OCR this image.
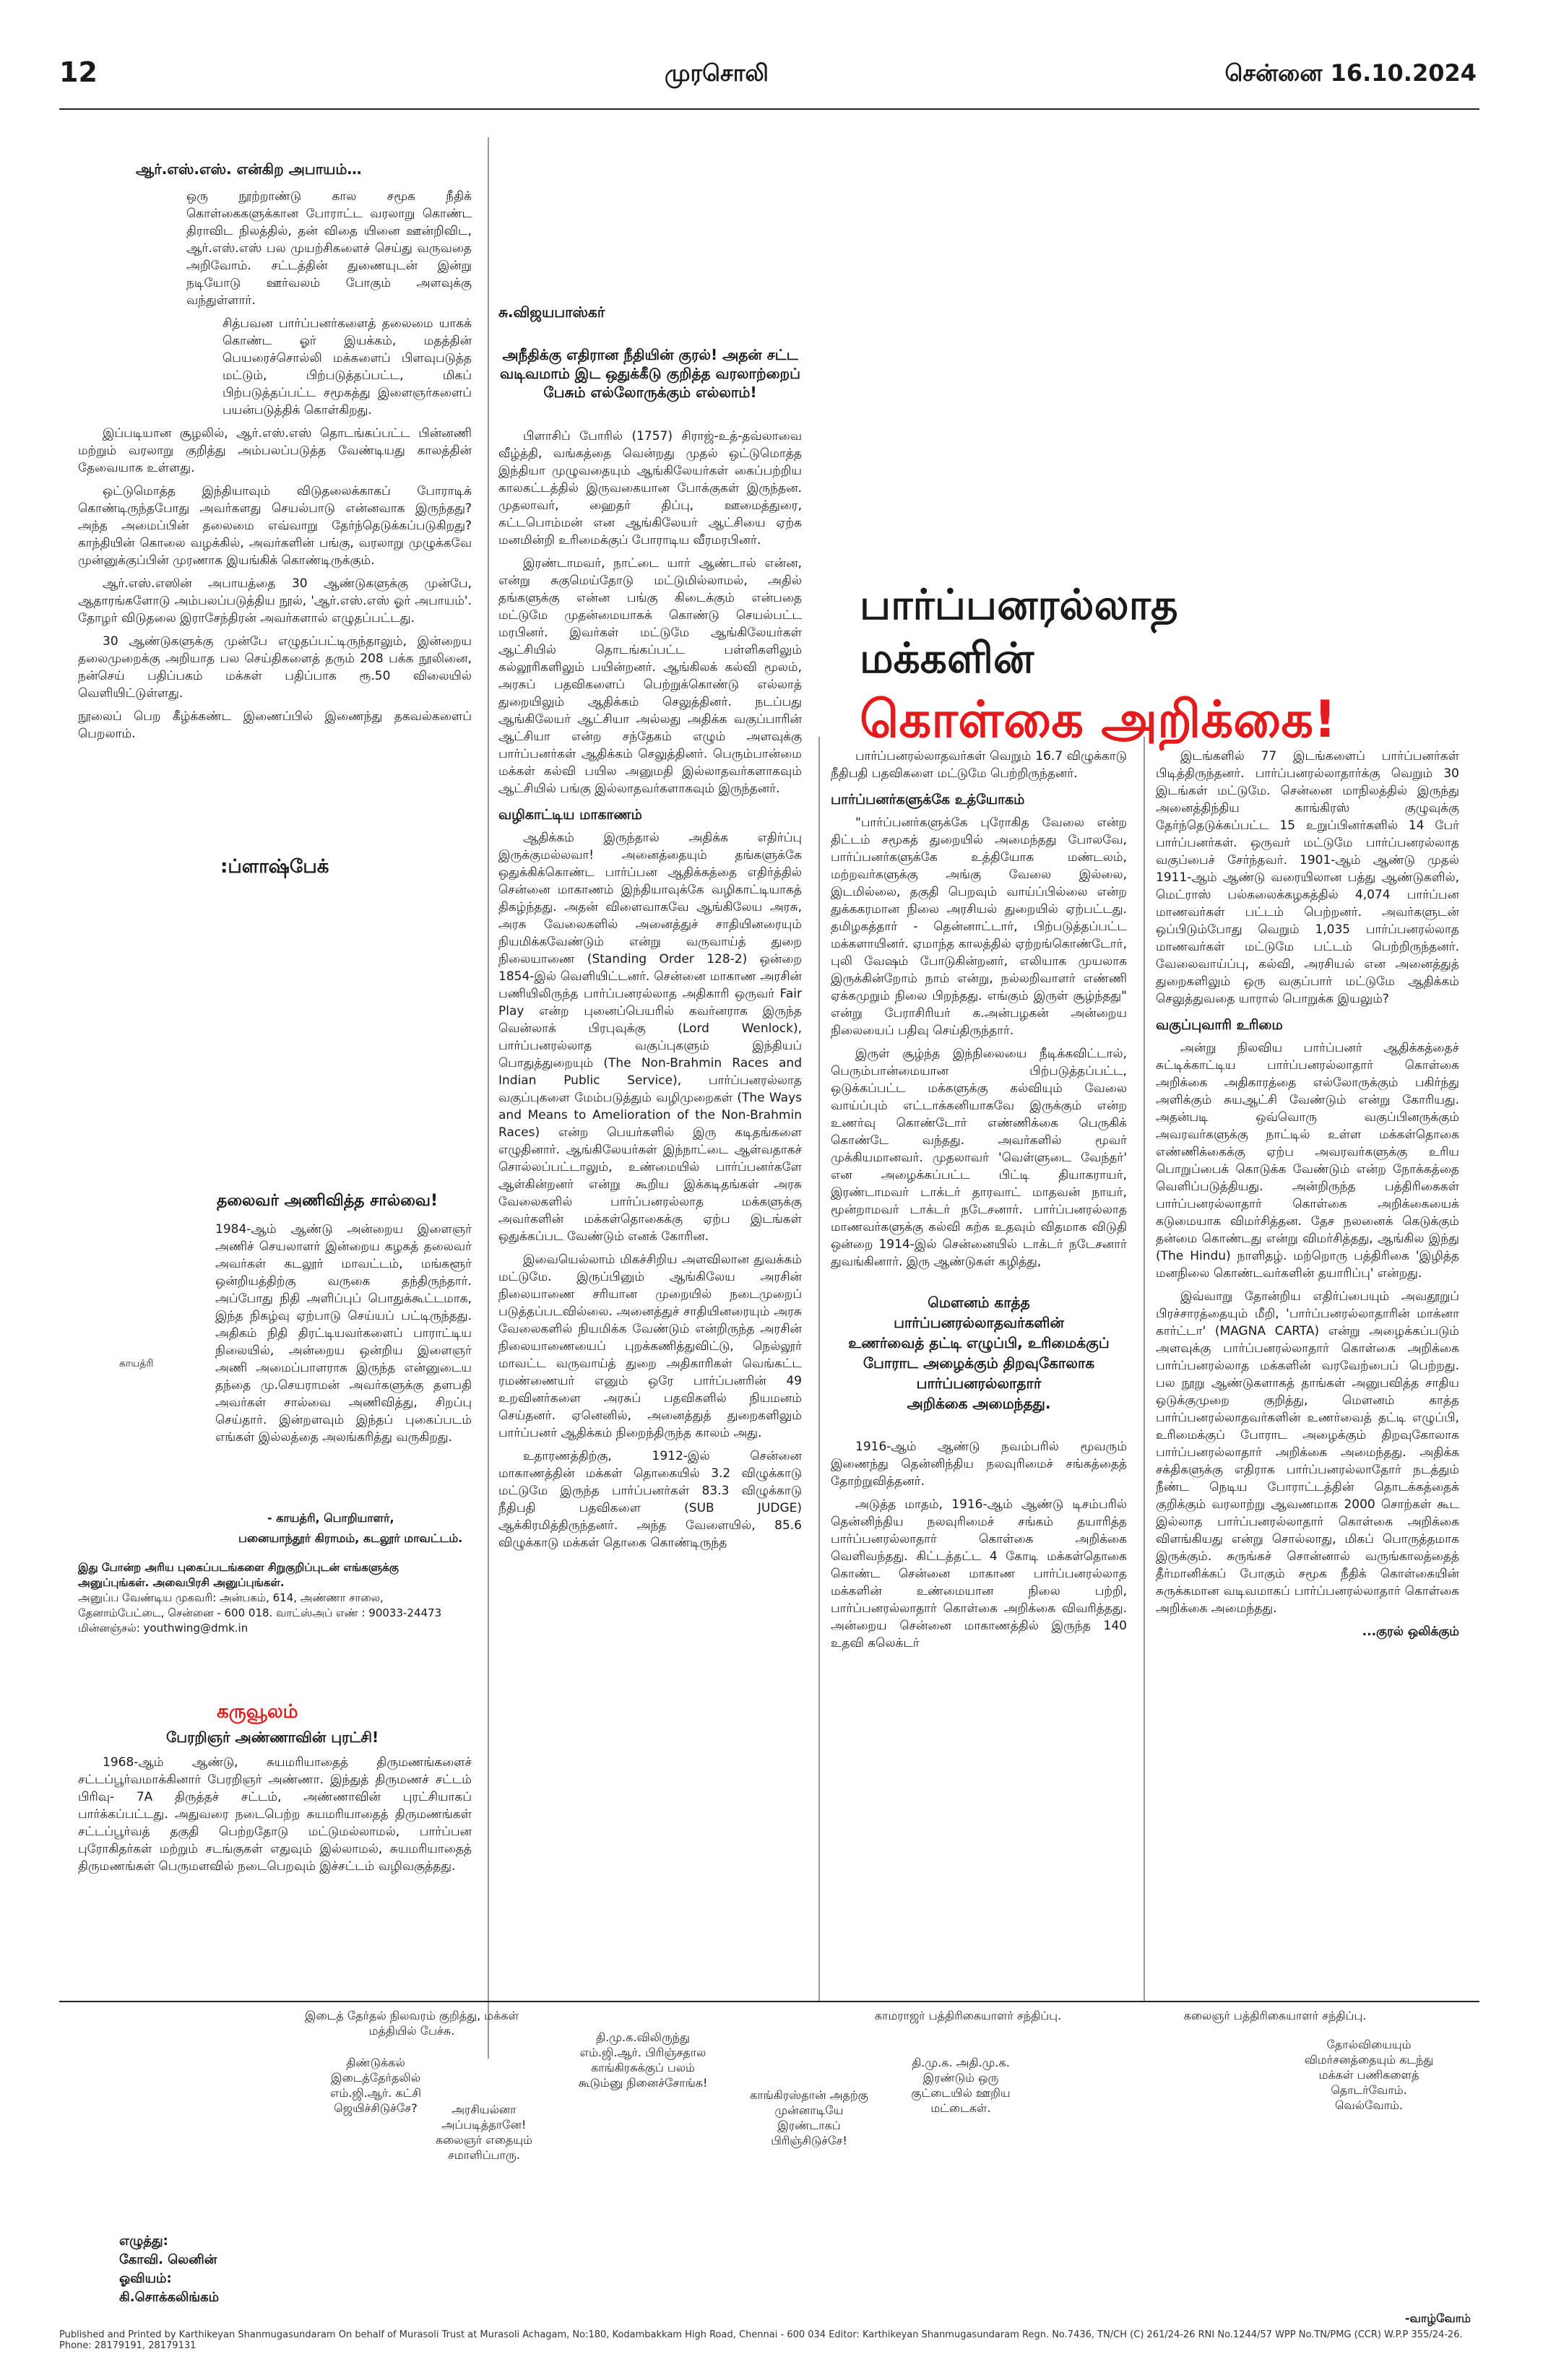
12	முரசொலி	சென்னை 16.10.2024
ஆர்.எஸ்.எஸ். என்கிற அபாயம்…

ஒரு நூற்றாண்டு கால சமூக நீதிக் கொள்கைகளுக்கான போராட்ட வரலாறு கொண்ட திராவிட நிலத்தில், தன் விதை யினை ஊன்றிவிட, ஆர்.எஸ்.எஸ் பல முயற்சிகளைச் செய்து வருவதை அறிவோம். சட்டத்தின் துணையுடன் இன்று நடியோடு ஊர்வலம் போகும் அளவுக்கு வந்துள்ளார்.

சித்பவன பார்ப்பனர்களைத் தலைமை யாகக் கொண்ட ஓர் இயக்கம், மதத்தின் பெயரைச்சொல்லி மக்களைப் பிளவுபடுத்த மட்டும், பிற்படுத்தப்பட்ட, மிகப் பிற்படுத்தப்பட்ட சமூகத்து இளைஞர்களைப் பயன்படுத்திக் கொள்கிறது.

இப்படியான சூழலில், ஆர்.எஸ்.எஸ் தொடங்கப்பட்ட பின்னணி மற்றும் வரலாறு குறித்து அம்பலப்படுத்த வேண்டியது காலத்தின் தேவையாக உள்ளது.

ஒட்டுமொத்த இந்தியாவும் விடுதலைக்காகப் போராடிக் கொண்டிருந்தபோது அவர்களது செயல்பாடு என்னவாக இருந்தது? அந்த அமைப்பின் தலைமை எவ்வாறு தேர்ந்தெடுக்கப்படுகிறது? காந்தியின் கொலை வழக்கில், அவர்களின் பங்கு, வரலாறு முழுக்கவே முன்னுக்குப்பின் முரணாக இயங்கிக் கொண்டிருக்கும்.

ஆர்.எஸ்.எஸின் அபாயத்தை 30 ஆண்டுகளுக்கு முன்பே, ஆதாரங்களோடு அம்பலப்படுத்திய நூல், 'ஆர்.எஸ்.எஸ் ஓர் அபாயம்'. தோழர் விடுதலை இராசேந்திரன் அவர்களால் எழுதப்பட்டது.

30 ஆண்டுகளுக்கு முன்பே எழுதப்பட்டிருந்தாலும், இன்றைய தலைமுறைக்கு அறியாத பல செய்திகளைத் தரும் 208 பக்க நூலினை, நன்செய் பதிப்பகம் மக்கள் பதிப்பாக ரூ.50 விலையில் வெளியிட்டுள்ளது.

நூலைப் பெற கீழ்க்கண்ட இணைப்பில் இணைந்து தகவல்களைப் பெறலாம்.

:ப்ளாஷ்பேக்
தலைவர் அணிவித்த சால்வை!

1984-ஆம் ஆண்டு அன்றைய இளைஞர் அணிச் செயலாளர் இன்றைய கழகத் தலைவர் அவர்கள் கடலூர் மாவட்டம், மங்களூர் ஒன்றியத்திற்கு வருகை தந்திருந்தார். அப்போது நிதி அளிப்புப் பொதுக்கூட்டமாக, இந்த நிகழ்வு ஏற்பாடு செய்யப் பட்டிருந்தது. அதிகம் நிதி திரட்டியவர்களைப் பாராட்டிய நிலையில், அன்றைய ஒன்றிய இளைஞர் அணி அமைப்பாளராக இருந்த என்னுடைய தந்தை மு.செயராமன் அவர்களுக்கு தளபதி அவர்கள் சால்வை அணிவித்து, சிறப்பு செய்தார். இன்றளவும் இந்தப் புகைப்படம் எங்கள் இல்லத்தை அலங்கரித்து வருகிறது.

காயத்ரி
- காயத்ரி, பொறியாளர்,
பனையாந்தூர் கிராமம், கடலூர் மாவட்டம்.
இது போன்ற அரிய புகைப்படங்களை சிறுகுறிப்புடன் எங்களுக்கு
அனுப்புங்கள். அவைபிரசி அனுப்புங்கள்.
அனுப்ப வேண்டிய முகவரி: அன்பகம், 614, அண்ணா சாலை,
தேனாம்பேட்டை, சென்னை - 600 018. வாட்ஸ்அப் எண் : 90033-24473
மின்னஞ்சல்: youthwing@dmk.in
கருவூலம்
பேரறிஞர் அண்ணாவின் புரட்சி!

1968-ஆம் ஆண்டு, சுயமரியாதைத் திருமணங்களைச் சட்டப்பூர்வமாக்கினார் பேரறிஞர் அண்ணா. இந்துத் திருமணச் சட்டம் பிரிவு- 7A திருத்தச் சட்டம், அண்ணாவின் புரட்சியாகப் பார்க்கப்பட்டது. அதுவரை நடைபெற்ற சுயமரியாதைத் திருமணங்கள் சட்டப்பூர்வத் தகுதி பெற்றதோடு மட்டுமல்லாமல், பார்ப்பன புரோகிதர்கள் மற்றும் சடங்குகள் எதுவும் இல்லாமல், சுயமரியாதைத் திருமணங்கள் பெருமளவில் நடைபெறவும் இச்சட்டம் வழிவகுத்தது.

சு.விஜயபாஸ்கர்
அநீதிக்கு எதிரான நீதியின் குரல்! அதன் சட்ட வடிவமாம் இட ஒதுக்கீடு குறித்த வரலாற்றைப் பேசும் எல்லோருக்கும் எல்லாம்!

பிளாசிப் போரில் (1757) சிராஜ்-உத்-தவ்லாவை வீழ்த்தி, வங்கத்தை வென்றது முதல் ஒட்டுமொத்த இந்தியா முழுவதையும் ஆங்கிலேயர்கள் கைப்பற்றிய காலகட்டத்தில் இருவகையான போக்குகள் இருந்தன. முதலாவர், ஹைதர் திப்பு, ஊமைத்துரை, கட்டபொம்மன் என ஆங்கிலேயர் ஆட்சியை ஏற்க மனமின்றி உரிமைக்குப் போராடிய வீரமரபினர்.

இரண்டாமவர், நாட்டை யார் ஆண்டால் என்ன, என்று சுகுமெய்தோடு மட்டுமில்லாமல், அதில் தங்களுக்கு என்ன பங்கு கிடைக்கும் என்பதை மட்டுமே முதன்மையாகக் கொண்டு செயல்பட்ட மரபினர். இவர்கள் மட்டுமே ஆங்கிலேயர்கள் ஆட்சியில் தொடங்கப்பட்ட பள்ளிகளிலும் கல்லூரிகளிலும் பயின்றனர். ஆங்கிலக் கல்வி மூலம், அரசுப் பதவிகளைப் பெற்றுக்கொண்டு எல்லாத் துறையிலும் ஆதிக்கம் செலுத்தினர். நடப்பது ஆங்கிலேயர் ஆட்சியா அல்லது அதிக்க வகுப்பாரின் ஆட்சியா என்ற சந்தேகம் எழும் அளவுக்கு பார்ப்பனர்கள் ஆதிக்கம் செலுத்தினர். பெரும்பான்மை மக்கள் கல்வி பயில அனுமதி இல்லாதவர்களாகவும் ஆட்சியில் பங்கு இல்லாதவர்களாகவும் இருந்தனர்.

வழிகாட்டிய மாகாணம்

ஆதிக்கம் இருந்தால் அதிக்க எதிர்ப்பு இருக்குமல்லவா! அனைத்தையும் தங்களுக்கே ஒதுக்கிக்கொண்ட பார்ப்பன ஆதிக்கத்தை எதிர்த்தில் சென்னை மாகாணம் இந்தியாவுக்கே வழிகாட்டியாகத் திகழ்ந்தது. அதன் விளைவாகவே ஆங்கிலேய அரசு, அரசு வேலைகளில் அனைத்துச் சாதியினரையும் நியமிக்கவேண்டும் என்று வருவாய்த் துறை நிலையாணை (Standing Order 128-2) ஒன்றை 1854-இல் வெளியிட்டனர். சென்னை மாகாண அரசின் பணியிலிருந்த பார்ப்பனரல்லாத அதிகாரி ஒருவர் Fair Play என்ற புனைப்பெயரில் கவர்னராக இருந்த வென்லாக் பிரபுவுக்கு (Lord Wenlock), பார்ப்பனரல்லாத வகுப்புகளும் இந்தியப் பொதுத்துறையும் (The Non-Brahmin Races and Indian Public Service), பார்ப்பனரல்லாத வகுப்புகளை மேம்படுத்தும் வழிமுறைகள் (The Ways and Means to Amelioration of the Non-Brahmin Races) என்ற பெயர்களில் இரு கடிதங்களை எழுதினார். ஆங்கிலேயர்கள் இந்நாட்டை ஆள்வதாகச் சொல்லப்பட்டாலும், உண்மையில் பார்ப்பனர்களே ஆள்கின்றனர் என்று கூறிய இக்கடிதங்கள் அரசு வேலைகளில் பார்ப்பனரல்லாத மக்களுக்கு அவர்களின் மக்கள்தொகைக்கு ஏற்ப இடங்கள் ஒதுக்கப்பட வேண்டும் எனக் கோரின.

இவையெல்லாம் மிகச்சிறிய அளவிலான துவக்கம் மட்டுமே. இருப்பினும் ஆங்கிலேய அரசின் நிலையாணை சரியான முறையில் நடைமுறைப் படுத்தப்படவில்லை. அனைத்துச் சாதியினரையும் அரசு வேலைகளில் நியமிக்க வேண்டும் என்றிருந்த அரசின் நிலையாணையைப் புறக்கணித்துவிட்டு, நெல்லூர் மாவட்ட வருவாய்த் துறை அதிகாரிகள் வெங்கட்ட ரமண்ணையர் எனும் ஒரே பார்ப்பனரின் 49 உறவினர்களை அரசுப் பதவிகளில் நியமனம் செய்தனர். ஏனெனில், அனைத்துத் துறைகளிலும் பார்ப்பனர் ஆதிக்கம் நிறைந்திருந்த காலம் அது.

உதாரணத்திற்கு, 1912-இல் சென்னை மாகாணத்தின் மக்கள் தொகையில் 3.2 விழுக்காடு மட்டுமே இருந்த பார்ப்பனர்கள் 83.3 விழுக்காடு நீதிபதி பதவிகளை (SUB JUDGE) ஆக்கிரமித்திருந்தனர். அந்த வேளையில், 85.6 விழுக்காடு மக்கள் தொகை கொண்டிருந்த

பார்ப்பனரல்லாத
மக்களின்
கொள்கை அறிக்கை!

பார்ப்பனரல்லாதவர்கள் வெறும் 16.7 விழுக்காடு நீதிபதி பதவிகளை மட்டுமே பெற்றிருந்தனர்.

பார்ப்பனர்களுக்கே உத்யோகம்

"பார்ப்பனர்களுக்கே புரோகித வேலை என்ற திட்டம் சமூகத் துறையில் அமைந்தது போலவே, பார்ப்பனர்களுக்கே உத்தியோக மண்டலம், மற்றவர்களுக்கு அங்கு வேலை இல்லை, இடமில்லை, தகுதி பெறவும் வாய்ப்பில்லை என்ற துக்ககரமான நிலை அரசியல் துறையில் ஏற்பட்டது. தமிழகத்தார் - தென்னாட்டார், பிற்படுத்தப்பட்ட மக்களாயினர். ஏமாந்த காலத்தில் ஏற்றங்கொண்டோர், புலி வேஷம் போடுகின்றனர், எலியாக முயலாக இருக்கின்றோம் நாம் என்று, நல்லறிவாளர் எண்ணி ஏக்கமுறும் நிலை பிறந்தது. எங்கும் இருள் சூழ்ந்தது" என்று பேராசிரியர் க.அன்பழகன் அன்றைய நிலையைப் பதிவு செய்திருந்தார்.

இருள் சூழ்ந்த இந்நிலையை நீடிக்கவிட்டால், பெரும்பான்மையான பிற்படுத்தப்பட்ட, ஒடுக்கப்பட்ட மக்களுக்கு கல்வியும் வேலை வாய்ப்பும் எட்டாக்கனியாகவே இருக்கும் என்ற உணர்வு கொண்டோர் எண்ணிக்கை பெருகிக் கொண்டே வந்தது. அவர்களில் மூவர் முக்கியமானவர். முதலாவர் 'வெள்ளுடை வேந்தர்' என அழைக்கப்பட்ட பிட்டி தியாகராயர், இரண்டாமவர் டாக்டர் தாரவாட் மாதவன் நாயர், மூன்றாமவர் டாக்டர் நடேசனார். பார்ப்பனரல்லாத மாணவர்களுக்கு கல்வி கற்க உதவும் விதமாக விடுதி ஒன்றை 1914-இல் சென்னையில் டாக்டர் நடேசனார் துவங்கினார். இரு ஆண்டுகள் கழித்து,

மௌனம் காத்த
பார்ப்பனரல்லாதவர்களின்
உணர்வைத் தட்டி எழுப்பி, உரிமைக்குப்
போராட அழைக்கும் திறவுகோலாக
பார்ப்பனரல்லாதார்
அறிக்கை அமைந்தது.

1916-ஆம் ஆண்டு நவம்பரில் மூவரும் இணைந்து தென்னிந்திய நலவுரிமைச் சங்கத்தைத் தோற்றுவித்தனர்.

அடுத்த மாதம், 1916-ஆம் ஆண்டு டிசம்பரில் தென்னிந்திய நலவுரிமைச் சங்கம் தயாரித்த பார்ப்பனரல்லாதார் கொள்கை அறிக்கை வெளிவந்தது. கிட்டத்தட்ட 4 கோடி மக்கள்தொகை கொண்ட சென்னை மாகாண பார்ப்பனரல்லாத மக்களின் உண்மையான நிலை பற்றி, பார்ப்பனரல்லாதார் கொள்கை அறிக்கை விவரித்தது. அன்றைய சென்னை மாகாணத்தில் இருந்த 140 உதவி கலெக்டர்

இடங்களில் 77 இடங்களைப் பார்ப்பனர்கள் பிடித்திருந்தனர். பார்ப்பனரல்லாதார்க்கு வெறும் 30 இடங்கள் மட்டுமே. சென்னை மாநிலத்தில் இருந்து அனைத்திந்திய காங்கிரஸ் குழுவுக்கு தேர்ந்தெடுக்கப்பட்ட 15 உறுப்பினர்களில் 14 பேர் பார்ப்பனர்கள். ஒருவர் மட்டுமே பார்ப்பனரல்லாத வகுப்பைச் சேர்ந்தவர். 1901-ஆம் ஆண்டு முதல் 1911-ஆம் ஆண்டு வரையிலான பத்து ஆண்டுகளில், மெட்ராஸ் பல்கலைக்கழகத்தில் 4,074 பார்ப்பன மாணவர்கள் பட்டம் பெற்றனர். அவர்களுடன் ஒப்பிடும்போது வெறும் 1,035 பார்ப்பனரல்லாத மாணவர்கள் மட்டுமே பட்டம் பெற்றிருந்தனர். வேலைவாய்ப்பு, கல்வி, அரசியல் என அனைத்துத் துறைகளிலும் ஒரு வகுப்பார் மட்டுமே ஆதிக்கம் செலுத்துவதை யாரால் பொறுக்க இயலும்?

வகுப்புவாரி உரிமை

அன்று நிலவிய பார்ப்பனர் ஆதிக்கத்தைச் சுட்டிக்காட்டிய பார்ப்பனரல்லாதார் கொள்கை அறிக்கை அதிகாரத்தை எல்லோருக்கும் பகிர்ந்து அளிக்கும் சுயஆட்சி வேண்டும் என்று கோரியது. அதன்படி ஒவ்வொரு வகுப்பினருக்கும் அவரவர்களுக்கு நாட்டில் உள்ள மக்கள்தொகை எண்ணிக்கைக்கு ஏற்ப அவரவர்களுக்கு உரிய பொறுப்பைக் கொடுக்க வேண்டும் என்ற நோக்கத்தை வெளிப்படுத்தியது. அன்றிருந்த பத்திரிகைகள் பார்ப்பனரல்லாதார் கொள்கை அறிக்கையைக் கடுமையாக விமர்சித்தன. தேச நலனைக் கெடுக்கும் தன்மை கொண்டது என்று விமர்சித்தது, ஆங்கில இந்து (The Hindu) நாளிதழ். மற்றொரு பத்திரிகை 'இழித்த மனநிலை கொண்டவர்களின் தயாரிப்பு' என்றது.

இவ்வாறு தோன்றிய எதிர்ப்பையும் அவதூறுப் பிரச்சாரத்தையும் மீறி, 'பார்ப்பனரல்லாதாரின் மாக்னா கார்ட்டா' (MAGNA CARTA) என்று அழைக்கப்படும் அளவுக்கு பார்ப்பனரல்லாதார் கொள்கை அறிக்கை பார்ப்பனரல்லாத மக்களின் வரவேற்பைப் பெற்றது. பல நூறு ஆண்டுகளாகத் தாங்கள் அனுபவித்த சாதிய ஒடுக்குமுறை குறித்து, மௌனம் காத்த பார்ப்பனரல்லாதவர்களின் உணர்வைத் தட்டி எழுப்பி, உரிமைக்குப் போராட அழைக்கும் திறவுகோலாக பார்ப்பனரல்லாதார் அறிக்கை அமைந்தது. அதிக்க சக்திகளுக்கு எதிராக பார்ப்பனரல்லாதோர் நடத்தும் நீண்ட நெடிய போராட்டத்தின் தொடக்கத்தைக் குறிக்கும் வரலாற்று ஆவணமாக 2000 சொற்கள் கூட இல்லாத பார்ப்பனரல்லாதார் கொள்கை அறிக்கை விளங்கியது என்று சொல்லாது, மிகப் பொருத்தமாக இருக்கும். சுருங்கச் சொன்னால் வருங்காலத்தைத் தீர்மானிக்கப் போகும் சமூக நீதிக் கொள்கையின் சுருக்கமான வடிவமாகப் பார்ப்பனரல்லாதார் கொள்கை அறிக்கை அமைந்தது.

...குரல் ஒலிக்கும்
இடைத் தேர்தல் நிலவரம் குறித்து, மக்கள் மத்தியில் பேச்சு.
காமராஜர் பத்திரிகையாளர் சந்திப்பு.	கலைஞர் பத்திரிகையாளர் சந்திப்பு.
திண்டுக்கல் இடைத்தேர்தலில் எம்.ஜி.ஆர். கட்சி ஜெயிச்சிடுச்சே?	அரசியல்னா அப்படித்தானே! கலைஞர் எதையும் சமாளிப்பாரு.
தி.மு.க.விலிருந்து எம்.ஜி.ஆர். பிரிஞ்சதால காங்கிரசுக்குப் பலம் கூடும்னு நினைச்சோங்க!
காங்கிரஸ்தான் அதற்கு முன்னாடியே இரண்டாகப் பிரிஞ்சிடுச்சே!
தி.மு.க. அதி.மு.க. இரண்டும் ஒரு குட்டையில் ஊறிய மட்டைகள்.
தோல்வியையும் விமர்சனத்தையும் கடந்து மக்கள் பணிகளைத் தொடர்வோம். வெல்வோம்.
எழுத்து:
கோவி. லெனின்
ஓவியம்:
கி.சொக்கலிங்கம்
-வாழ்வோம்
Published and Printed by Karthikeyan Shanmugasundaram On behalf of Murasoli Trust at Murasoli Achagam, No:180, Kodambakkam High Road, Chennai - 600 034 Editor: Karthikeyan Shanmugasundaram Regn. No.7436, TN/CH (C) 261/24-26 RNI No.1244/57 WPP No.TN/PMG (CCR) W.P.P 355/24-26. Phone: 28179191, 28179131
